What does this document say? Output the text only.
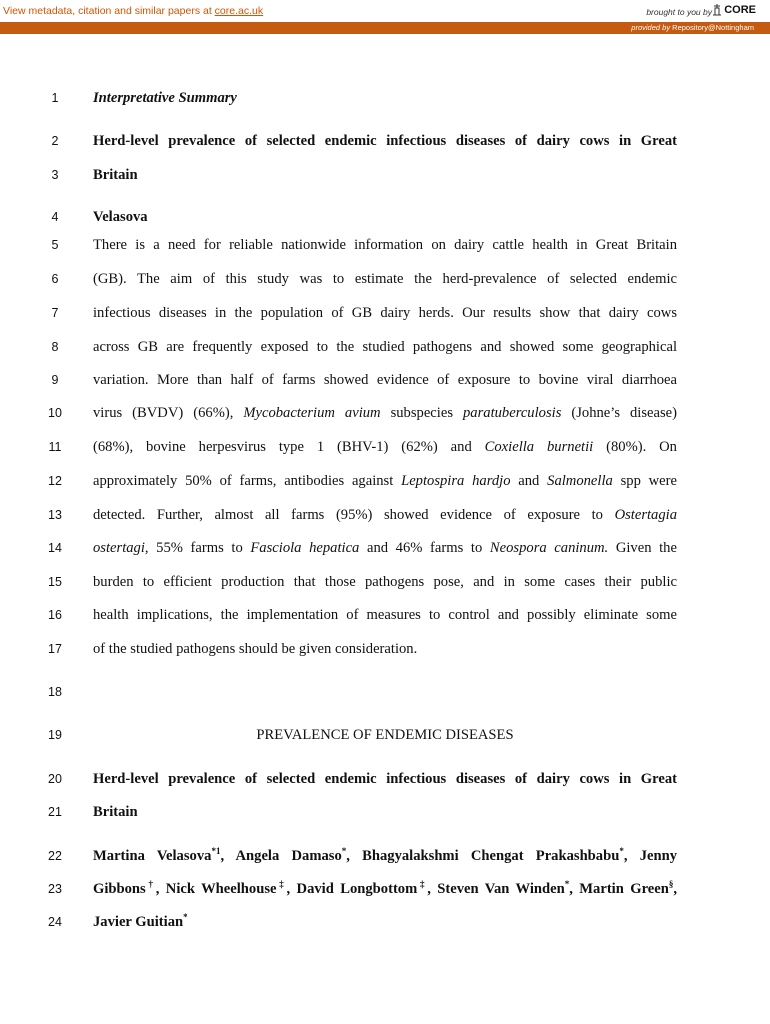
View metadata, citation and similar papers at core.ac.uk	brought to you by CORE
provided by Repository@Nottingham
1	Interpretative Summary
2	Herd-level prevalence of selected endemic infectious diseases of dairy cows in Great
3	Britain
4	Velasova
5	There is a need for reliable nationwide information on dairy cattle health in Great Britain
6	(GB). The aim of this study was to estimate the herd-prevalence of selected endemic
7	infectious diseases in the population of GB dairy herds. Our results show that dairy cows
8	across GB are frequently exposed to the studied pathogens and showed some geographical
9	variation. More than half of farms showed evidence of exposure to bovine viral diarrhoea
10	virus (BVDV) (66%), Mycobacterium avium subspecies paratuberculosis (Johne’s disease)
11	(68%), bovine herpesvirus type 1 (BHV-1) (62%) and Coxiella burnetii (80%). On
12	approximately 50% of farms, antibodies against Leptospira hardjo and Salmonella spp were
13	detected. Further, almost all farms (95%) showed evidence of exposure to Ostertagia
14	ostertagi, 55% farms to Fasciola hepatica and 46% farms to Neospora caninum. Given the
15	burden to efficient production that those pathogens pose, and in some cases their public
16	health implications, the implementation of measures to control and possibly eliminate some
17	of the studied pathogens should be given consideration.
18
19	PREVALENCE OF ENDEMIC DISEASES
20	Herd-level prevalence of selected endemic infectious diseases of dairy cows in Great
21	Britain
22	Martina Velasova$^{*1}$, Angela Damaso*, Bhagyalakshmi Chengat Prakashbabu*, Jenny
23	Gibbons†, Nick Wheelhouse‡, David Longbottom‡, Steven Van Winden*, Martin Green§,
24	Javier Guitian*
